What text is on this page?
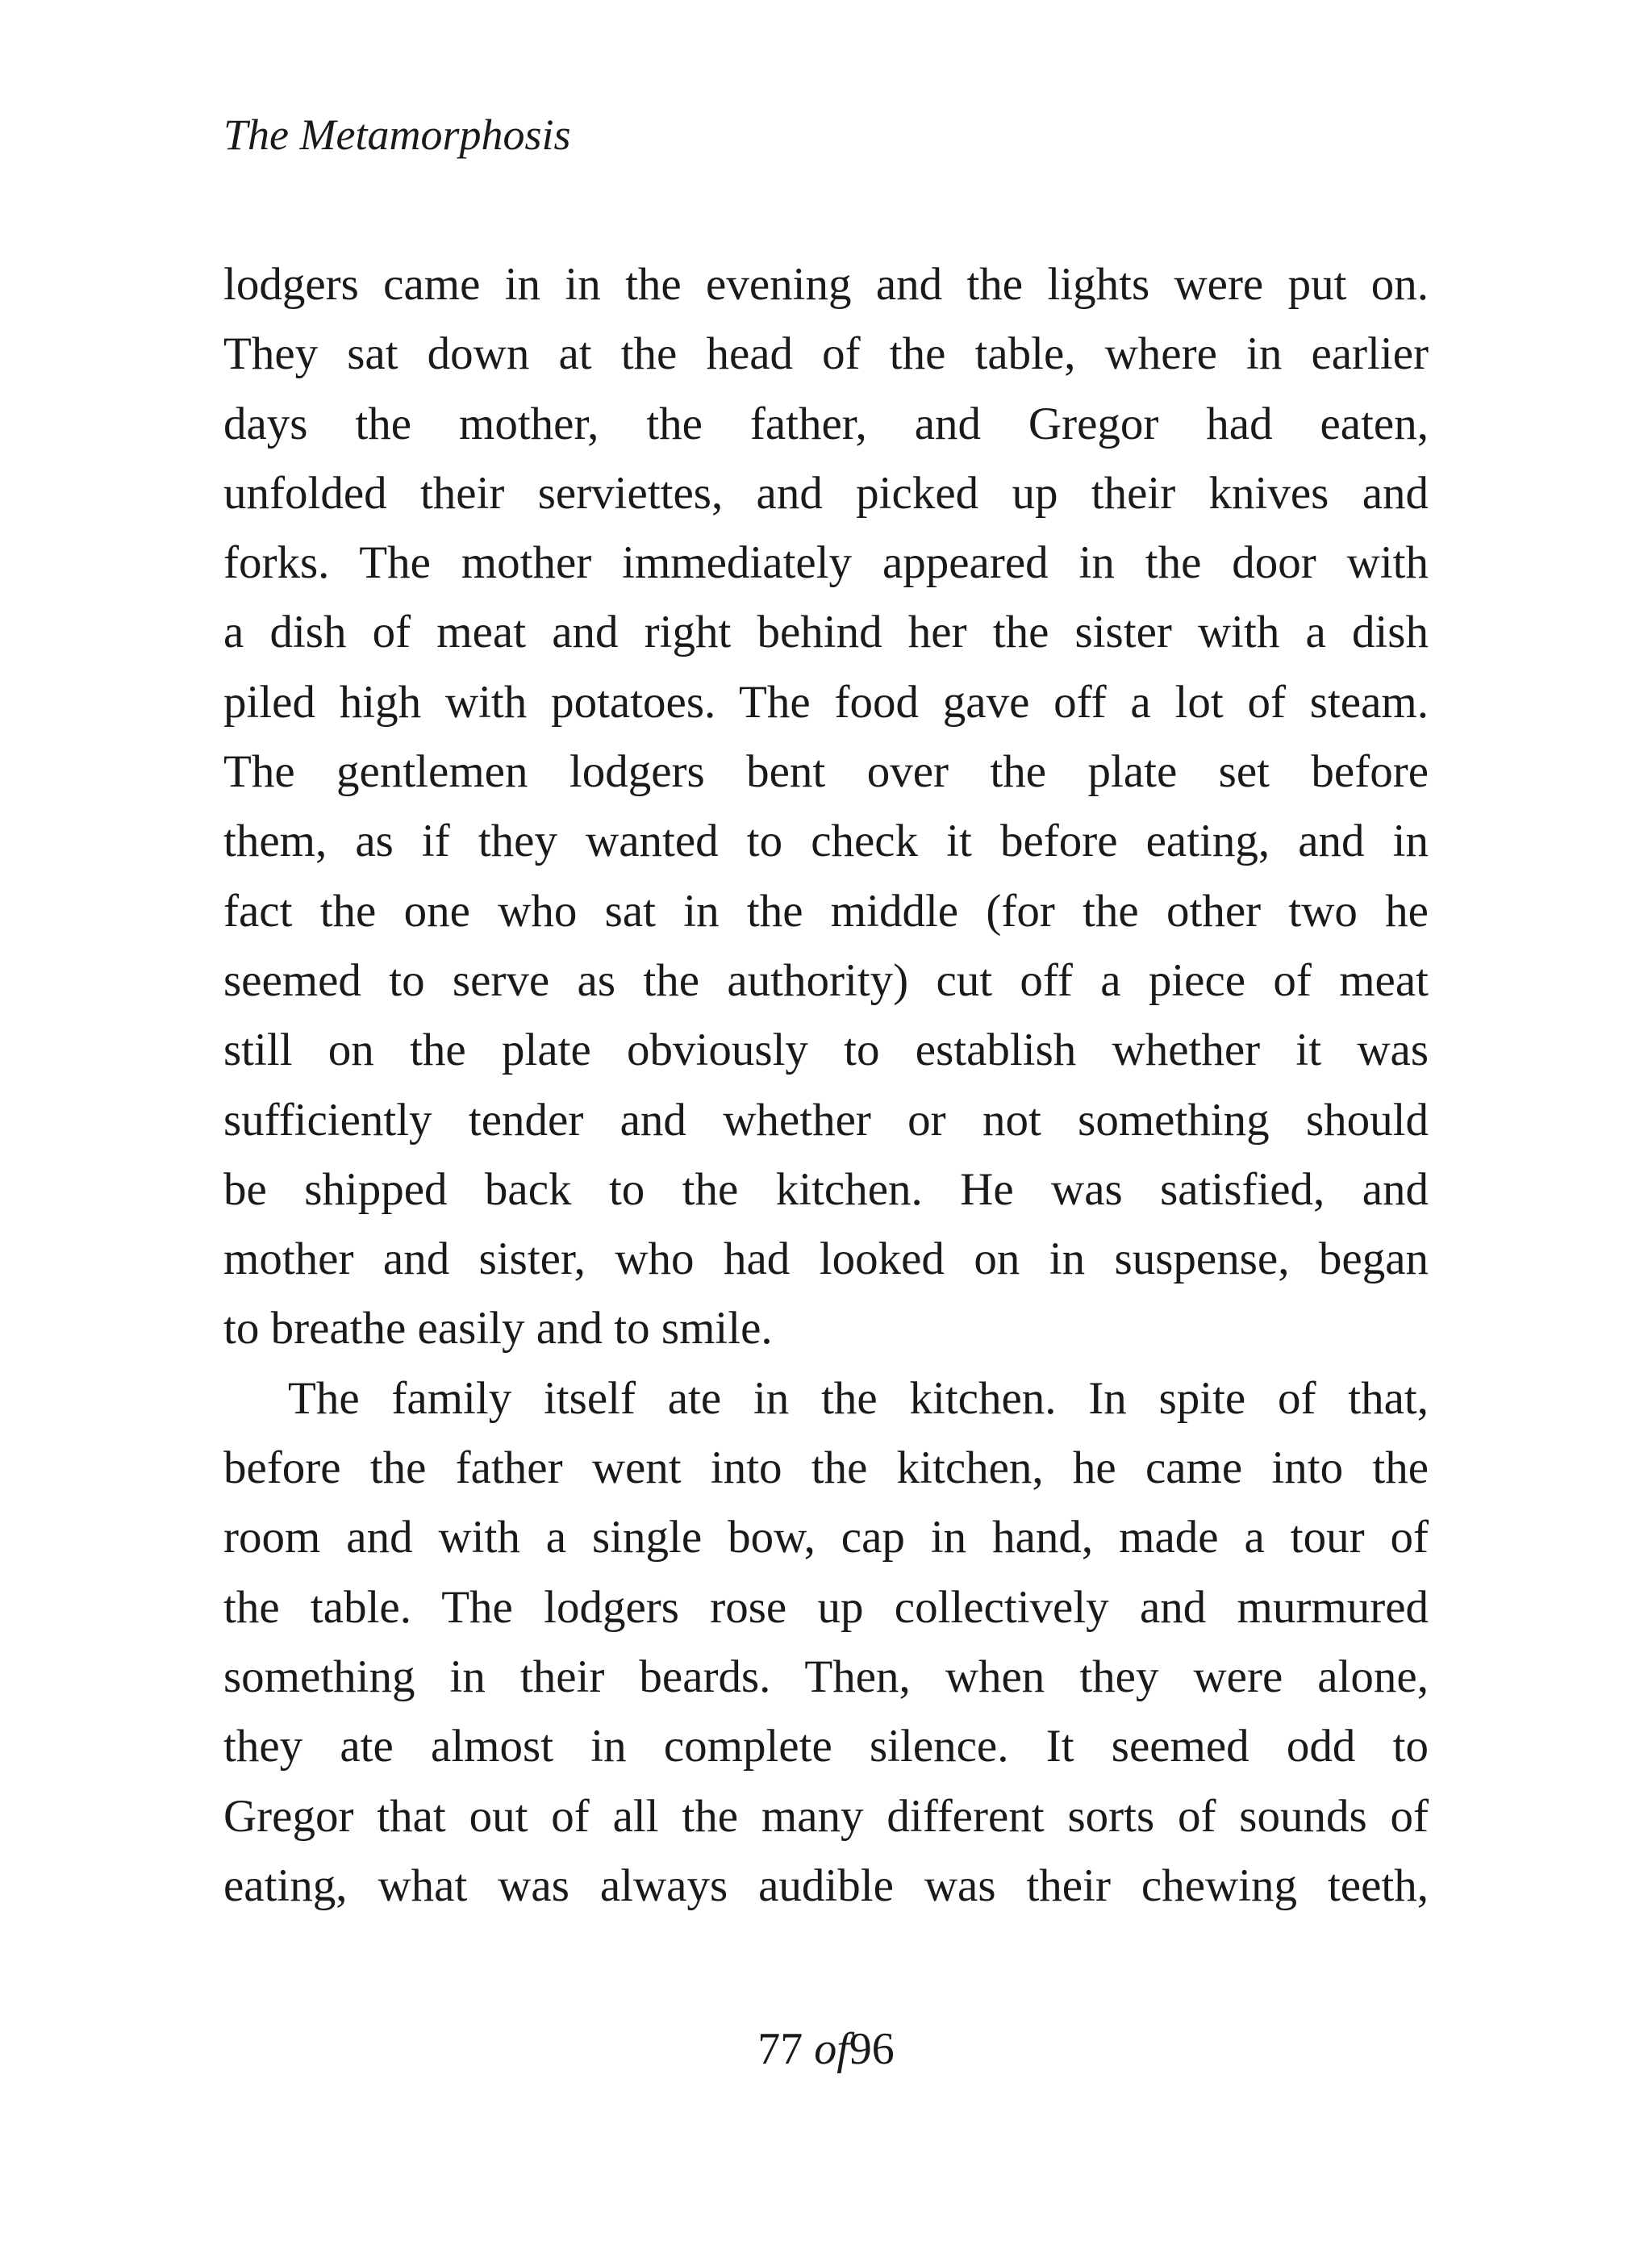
The Metamorphosis
lodgers came in in the evening and the lights were put on.
They sat down at the head of the table, where in earlier
days the mother, the father, and Gregor had eaten,
unfolded their serviettes, and picked up their knives and
forks. The mother immediately appeared in the door with
a dish of meat and right behind her the sister with a dish
piled high with potatoes. The food gave off a lot of steam.
The gentlemen lodgers bent over the plate set before
them, as if they wanted to check it before eating, and in
fact the one who sat in the middle (for the other two he
seemed to serve as the authority) cut off a piece of meat
still on the plate obviously to establish whether it was
sufficiently tender and whether or not something should
be shipped back to the kitchen. He was satisfied, and
mother and sister, who had looked on in suspense, began
to breathe easily and to smile.
The family itself ate in the kitchen. In spite of that,
before the father went into the kitchen, he came into the
room and with a single bow, cap in hand, made a tour of
the table. The lodgers rose up collectively and murmured
something in their beards. Then, when they were alone,
they ate almost in complete silence. It seemed odd to
Gregor that out of all the many different sorts of sounds of
eating, what was always audible was their chewing teeth,
77 of96
